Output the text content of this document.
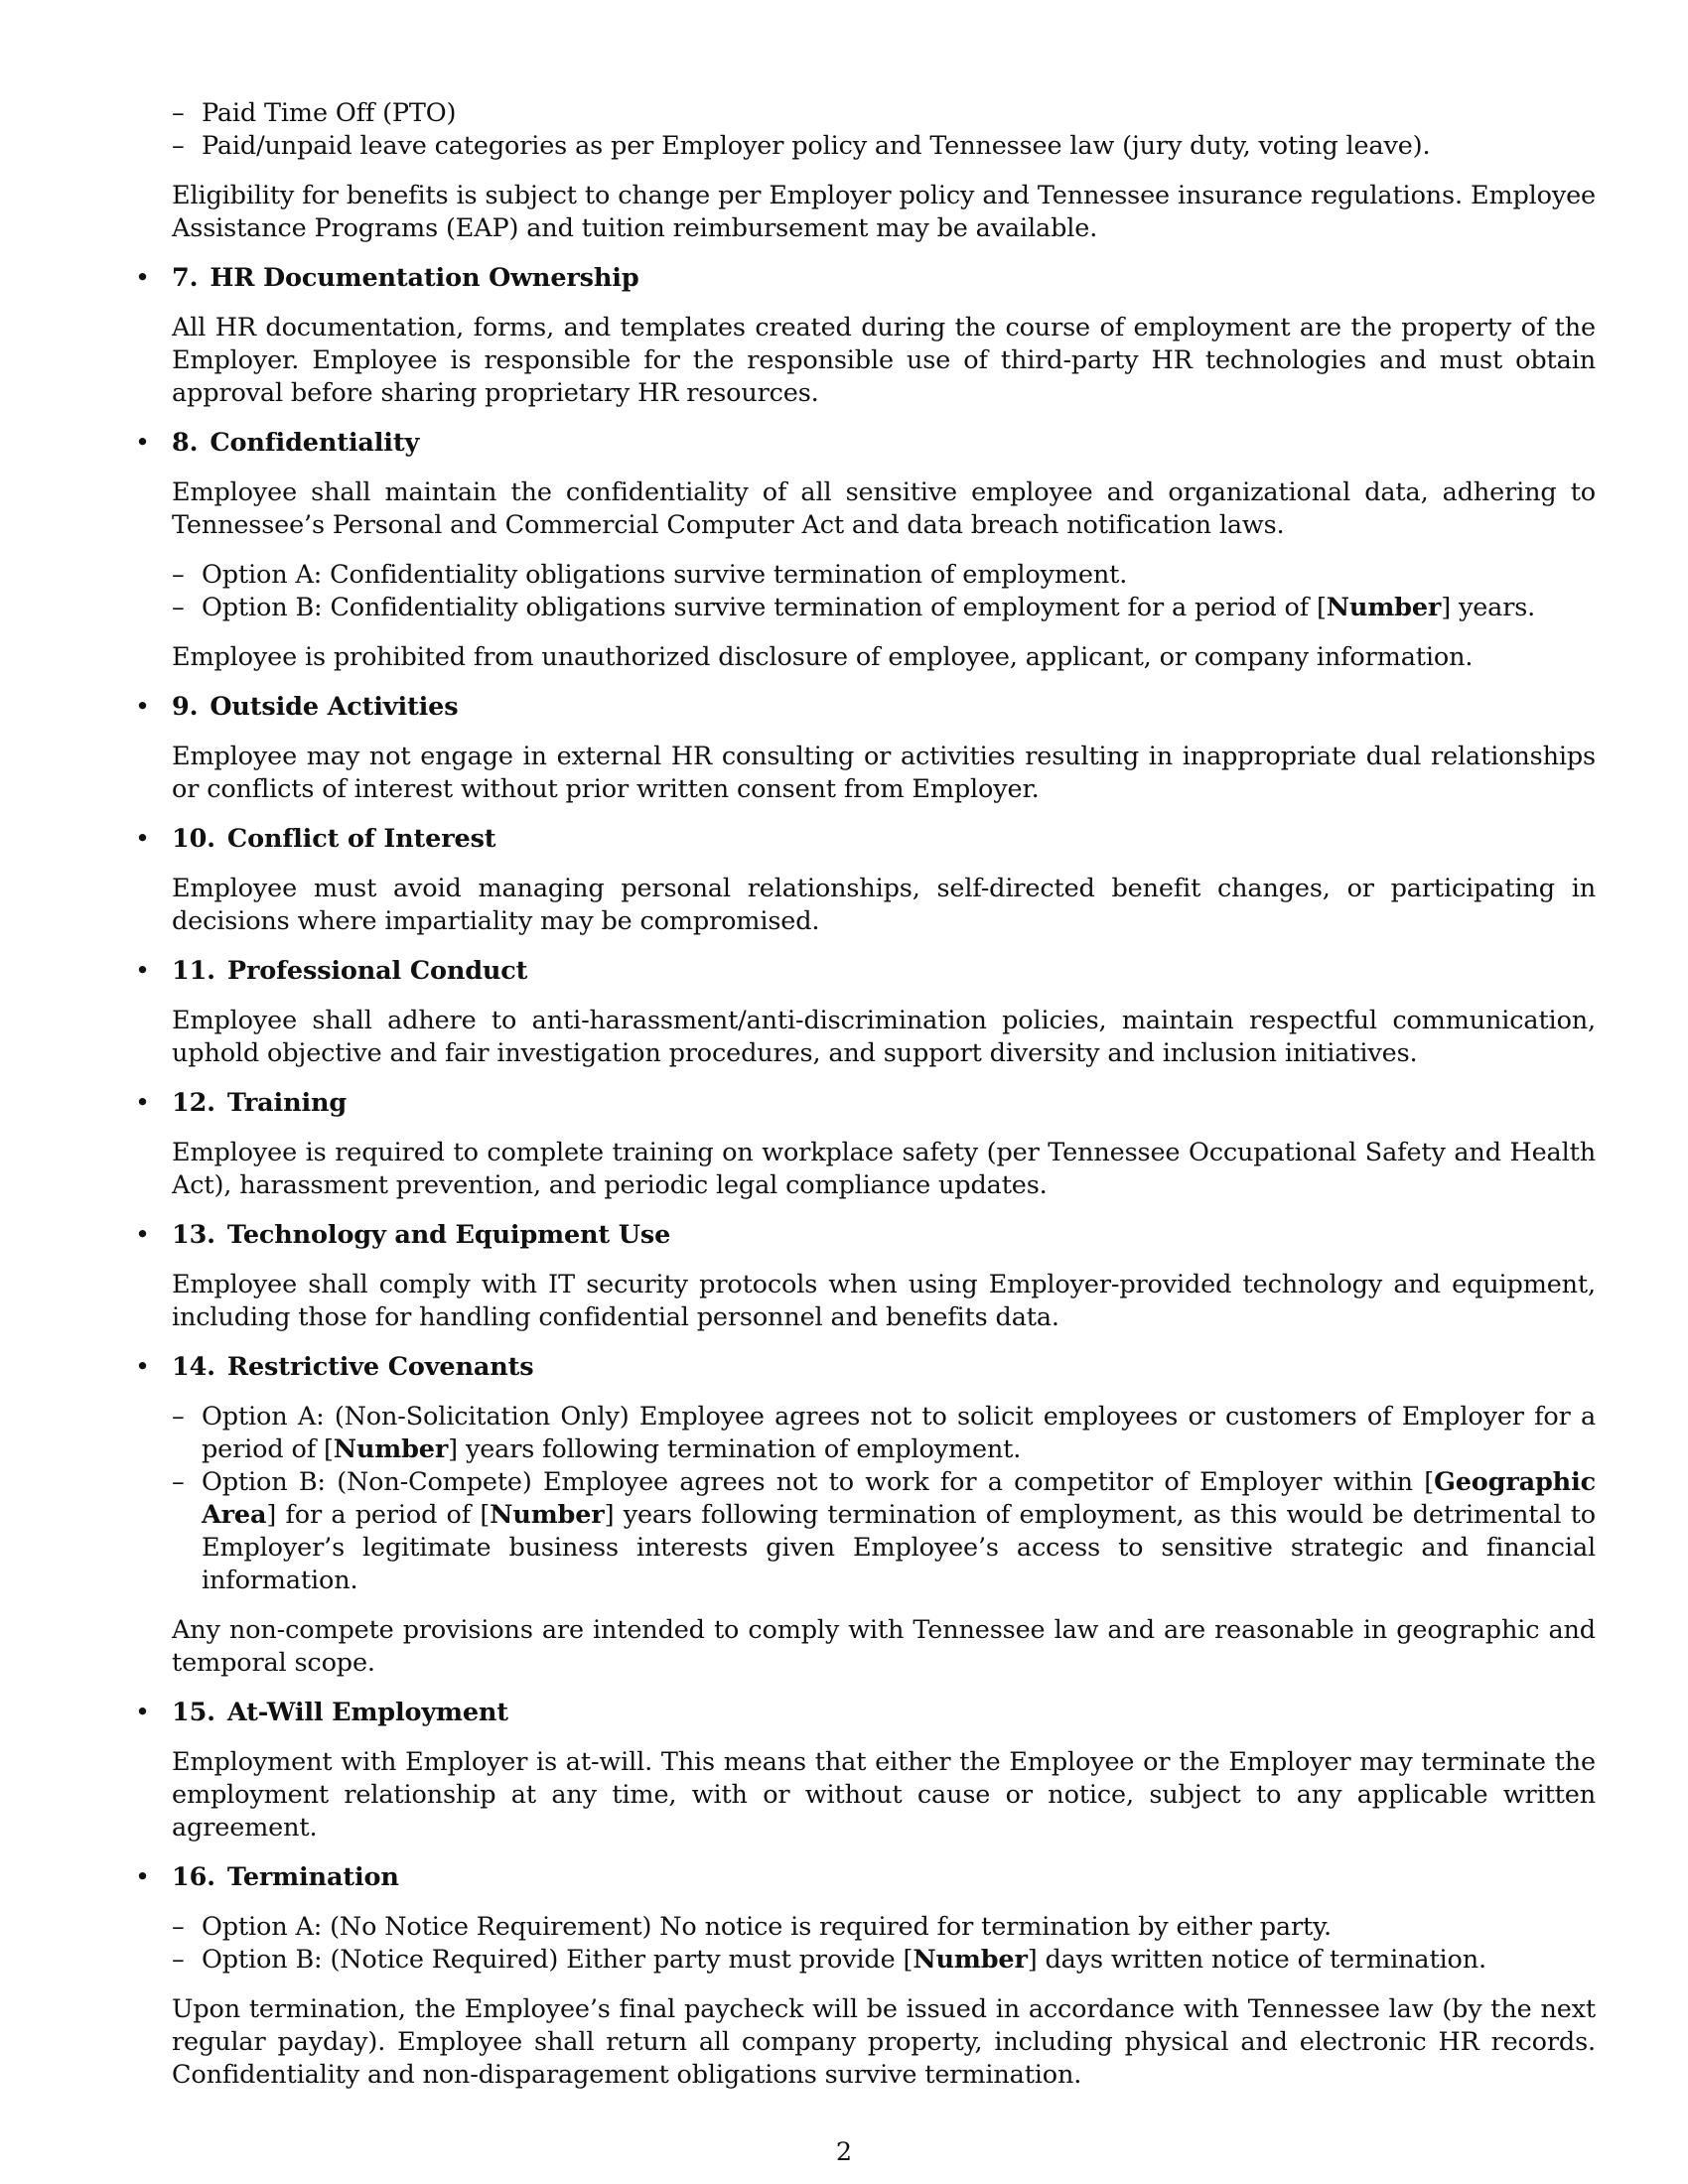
– Paid Time Off (PTO)
– Paid/unpaid leave categories as per Employer policy and Tennessee law (jury duty, voting leave).

Eligibility for benefits is subject to change per Employer policy and Tennessee insurance regulations. Employee Assistance Programs (EAP) and tuition reimbursement may be available.

• 7. HR Documentation Ownership

All HR documentation, forms, and templates created during the course of employment are the property of the Employer. Employee is responsible for the responsible use of third-party HR technologies and must obtain approval before sharing proprietary HR resources.

• 8. Confidentiality

Employee shall maintain the confidentiality of all sensitive employee and organizational data, adhering to Tennessee’s Personal and Commercial Computer Act and data breach notification laws.

– Option A: Confidentiality obligations survive termination of employment.
– Option B: Confidentiality obligations survive termination of employment for a period of [Number] years.

Employee is prohibited from unauthorized disclosure of employee, applicant, or company information.

• 9. Outside Activities

Employee may not engage in external HR consulting or activities resulting in inappropriate dual relationships or conflicts of interest without prior written consent from Employer.

• 10. Conflict of Interest

Employee must avoid managing personal relationships, self-directed benefit changes, or participating in decisions where impartiality may be compromised.

• 11. Professional Conduct

Employee shall adhere to anti-harassment/anti-discrimination policies, maintain respectful communication, uphold objective and fair investigation procedures, and support diversity and inclusion initiatives.

• 12. Training

Employee is required to complete training on workplace safety (per Tennessee Occupational Safety and Health Act), harassment prevention, and periodic legal compliance updates.

• 13. Technology and Equipment Use

Employee shall comply with IT security protocols when using Employer-provided technology and equipment, including those for handling confidential personnel and benefits data.

• 14. Restrictive Covenants

– Option A: (Non-Solicitation Only) Employee agrees not to solicit employees or customers of Employer for a period of [Number] years following termination of employment.
– Option B: (Non-Compete) Employee agrees not to work for a competitor of Employer within [Geographic Area] for a period of [Number] years following termination of employment, as this would be detrimental to Employer’s legitimate business interests given Employee’s access to sensitive strategic and financial information.

Any non-compete provisions are intended to comply with Tennessee law and are reasonable in geographic and temporal scope.

• 15. At-Will Employment

Employment with Employer is at-will. This means that either the Employee or the Employer may terminate the employment relationship at any time, with or without cause or notice, subject to any applicable written agreement.

• 16. Termination

– Option A: (No Notice Requirement) No notice is required for termination by either party.
– Option B: (Notice Required) Either party must provide [Number] days written notice of termination.

Upon termination, the Employee’s final paycheck will be issued in accordance with Tennessee law (by the next regular payday). Employee shall return all company property, including physical and electronic HR records. Confidentiality and non-disparagement obligations survive termination.

2
